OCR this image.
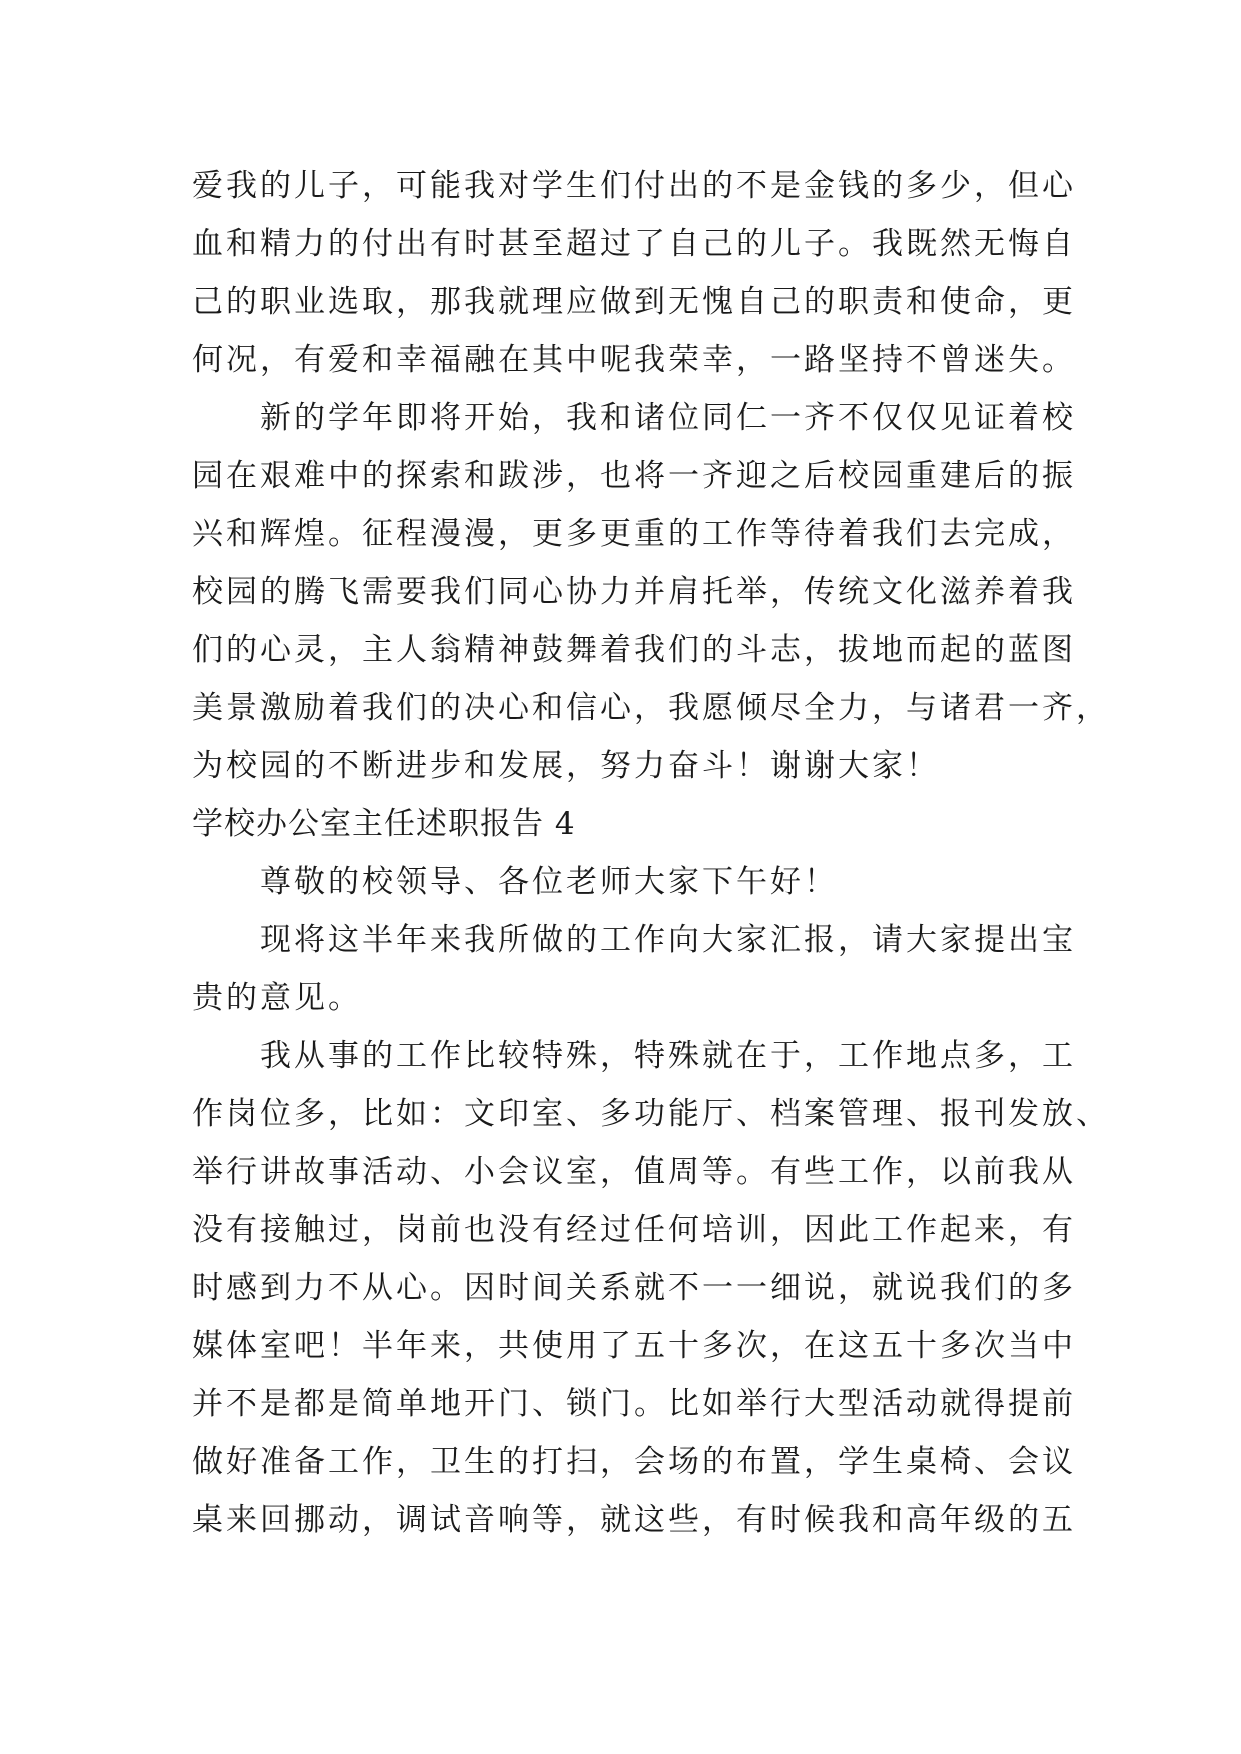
爱我的儿子，可能我对学生们付出的不是金钱的多少，但心
血和精力的付出有时甚至超过了自己的儿子。我既然无悔自
己的职业选取，那我就理应做到无愧自己的职责和使命，更
何况，有爱和幸福融在其中呢我荣幸，一路坚持不曾迷失。
　　新的学年即将开始，我和诸位同仁一齐不仅仅见证着校
园在艰难中的探索和跋涉，也将一齐迎之后校园重建后的振
兴和辉煌。征程漫漫，更多更重的工作等待着我们去完成，
校园的腾飞需要我们同心协力并肩托举，传统文化滋养着我
们的心灵，主人翁精神鼓舞着我们的斗志，拔地而起的蓝图
美景激励着我们的决心和信心，我愿倾尽全力，与诸君一齐，
为校园的不断进步和发展，努力奋斗！谢谢大家！
学校办公室主任述职报告 4
　　尊敬的校领导、各位老师大家下午好！
　　现将这半年来我所做的工作向大家汇报，请大家提出宝
贵的意见。
　　我从事的工作比较特殊，特殊就在于，工作地点多，工
作岗位多，比如：文印室、多功能厅、档案管理、报刊发放、
举行讲故事活动、小会议室，值周等。有些工作，以前我从
没有接触过，岗前也没有经过任何培训，因此工作起来，有
时感到力不从心。因时间关系就不一一细说，就说我们的多
媒体室吧！半年来，共使用了五十多次，在这五十多次当中
并不是都是简单地开门、锁门。比如举行大型活动就得提前
做好准备工作，卫生的打扫，会场的布置，学生桌椅、会议
桌来回挪动，调试音响等，就这些，有时候我和高年级的五
